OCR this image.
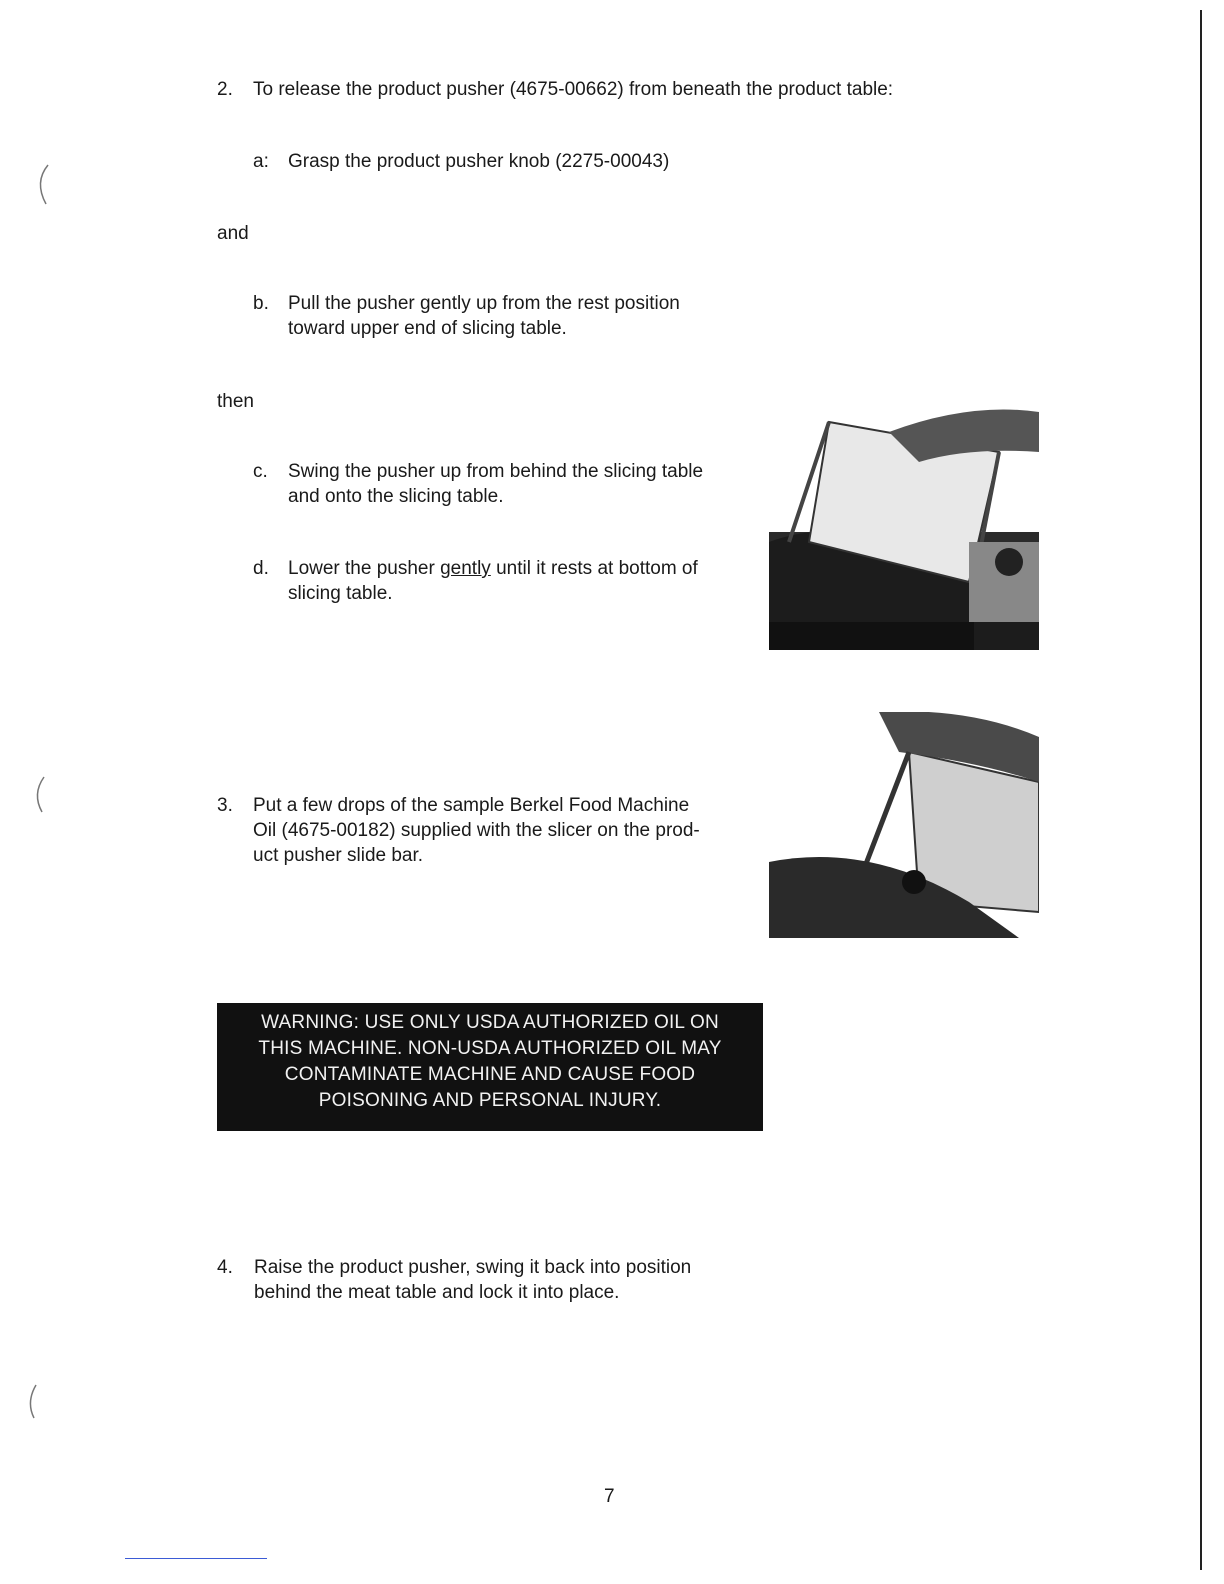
2. To release the product pusher (4675-00662) from beneath the product table:
a: Grasp the product pusher knob (2275-00043)
and
b. Pull the pusher gently up from the rest position
toward upper end of slicing table.
then
c. Swing the pusher up from behind the slicing table
and onto the slicing table.
d. Lower the pusher gently until it rests at bottom of
slicing table.
3. Put a few drops of the sample Berkel Food Machine
Oil (4675-00182) supplied with the slicer on the prod-
uct pusher slide bar.
WARNING: USE ONLY USDA AUTHORIZED OIL ON
THIS MACHINE. NON-USDA AUTHORIZED OIL MAY
CONTAMINATE MACHINE AND CAUSE FOOD
POISONING AND PERSONAL INJURY.
4. Raise the product pusher, swing it back into position
behind the meat table and lock it into place.
7
